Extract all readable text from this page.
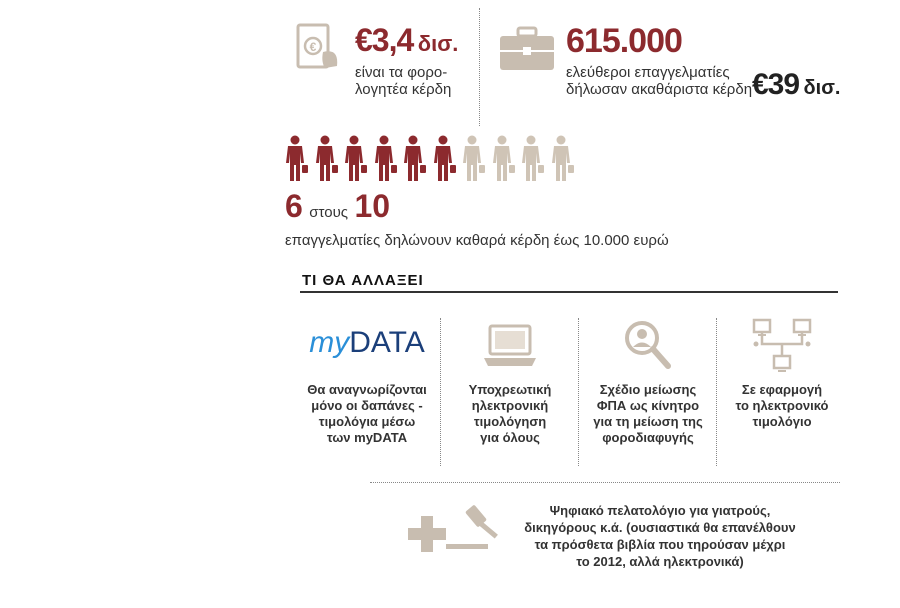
€ €3,4 δισ.
είναι τα φορο-
λογητέα κέρδη
615.000
ελεύθεροι επαγγελματίες
δήλωσαν ακαθάριστα κέρδη €39 δισ.
6 στους 10
επαγγελματίες δηλώνουν καθαρά κέρδη έως 10.000 ευρώ
ΤΙ ΘΑ ΑΛΛΑΞΕΙ
myDATA
Θα αναγνωρίζονται
μόνο οι δαπάνες -
τιμολόγια μέσω
των myDATA
Υποχρεωτική
ηλεκτρονική
τιμολόγηση
για όλους
Σχέδιο μείωσης
ΦΠΑ ως κίνητρο
για τη μείωση της
φοροδιαφυγής
Σε εφαρμογή
το ηλεκτρονικό
τιμολόγιο
Ψηφιακό πελατολόγιο για γιατρούς,
δικηγόρους κ.ά. (ουσιαστικά θα επανέλθουν
τα πρόσθετα βιβλία που τηρούσαν μέχρι
το 2012, αλλά ηλεκτρονικά)
